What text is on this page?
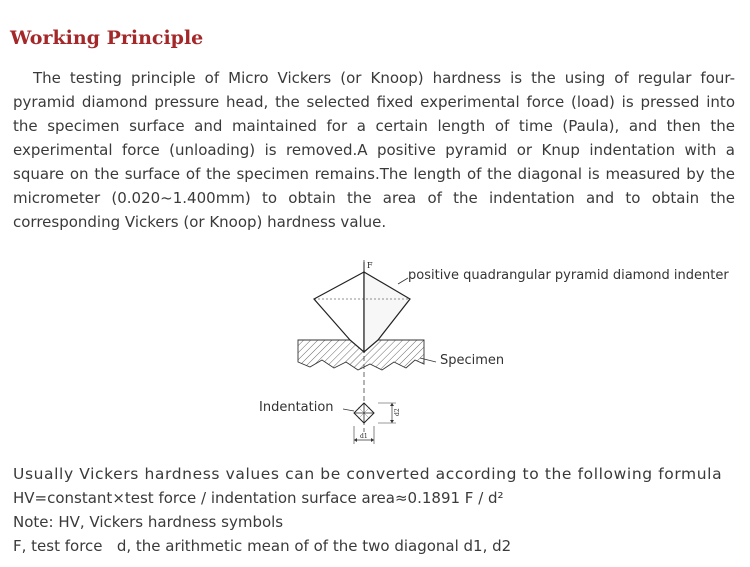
Working Principle
The testing principle of Micro Vickers (or Knoop) hardness is the using of regular four-pyramid diamond pressure head, the selected fixed experimental force (load) is pressed into the specimen surface and maintained for a certain length of time (Paula), and then the experimental force (unloading) is removed.A positive pyramid or Knup indentation with a square on the surface of the specimen remains.The length of the diagonal is measured by the micrometer (0.020~1.400mm) to obtain the area of the indentation and to obtain the corresponding Vickers (or Knoop) hardness value.
F
d2
d1
positive quadrangular pyramid diamond indenter
Specimen
Indentation
Usually Vickers hardness values can be converted according to the following formula
HV=constant×test force / indentation surface area≈0.1891 F / d²
Note: HV, Vickers hardness symbols
F, test force   d, the arithmetic mean of of the two diagonal d1, d2
